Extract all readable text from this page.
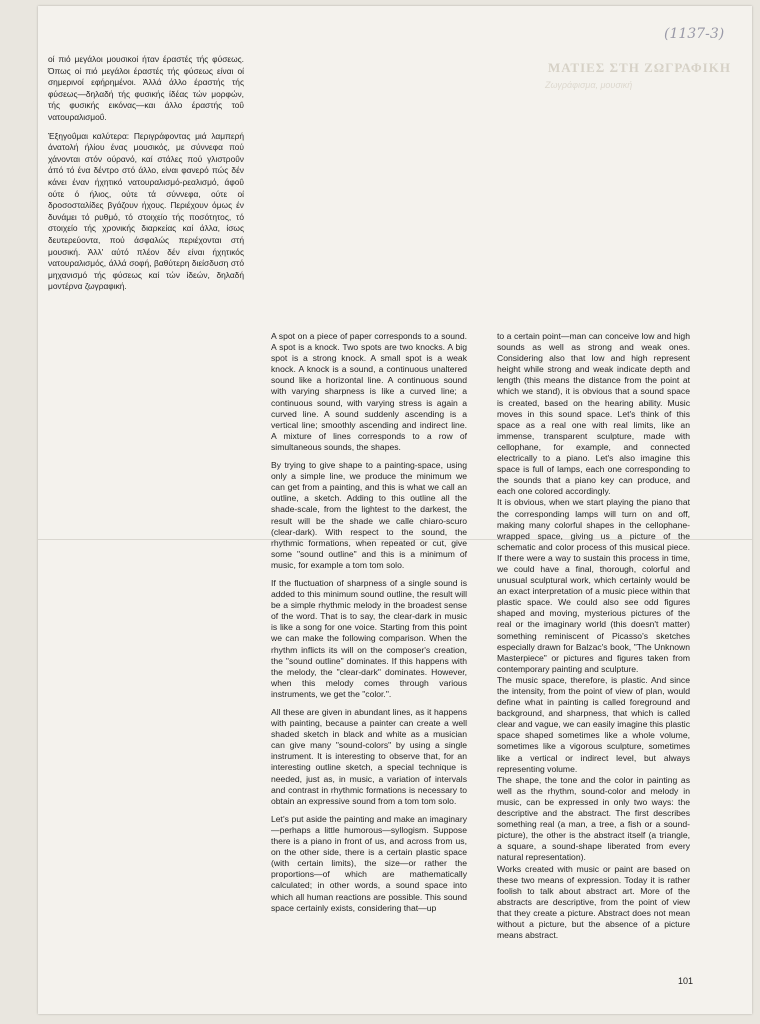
(1137-3)
ΜΑΤΙΕΣ ΣΤΗ ΖΩΓΡΑΦΙΚΗ
Ζωγράφισμα, μουσική

οί πιό μεγάλοι μουσικοί ήταν έραστές τής φύσεως. Όπως οί πιό μεγάλοι έραστές τής φύσεως είναι οί σημερινοί εφήρημένοι. Άλλά άλλο έραστής τής φύσεως—δηλαδή τής φυσικής ίδέας τών μορφών, τής φυσικής εικόνας—και άλλο έραστής τοΰ νατουραλισμοΰ.

Έξηγοΰμαι καλύτερα: Περιγράφοντας μιά λαμπερή άνατολή ήλίου ένας μουσικός, με σύννεφα πού χάνονται στόν ούρανό, καί στάλες πού γλιστροΰν άπό τό ένα δέντρο στό άλλο, είναι φανερό πώς δέν κάνει έναν ήχητικό νατουραλισμό-ρεαλισμό, άφοΰ ούτε ό ήλιος, ούτε τά σύννεφα, ούτε οί δροσοσταλίδες βγάζουν ήχους. Περιέχουν όμως έν δυνάμει τό ρυθμό, τό στοιχείο τής ποσότητος, τό στοιχείο τής χρονικής διαρκείας καί άλλα, ίσως δευτερεύοντα, πού άσφαλώς περιέχονται στή μουσική. Άλλ' αύτό πλέον δέν είναι ήχητικός νατουραλισμός, άλλά σοφή, βαθύτερη διείσδυση στό μηχανισμό τής φύσεως καί τών ίδεών, δηλαδή μοντέρνα ζωγραφική.

A spot on a piece of paper corresponds to a sound. A spot is a knock. Two spots are two knocks. A big spot is a strong knock. A small spot is a weak knock. A knock is a sound, a continuous unaltered sound like a horizontal line. A continuous sound with varying sharpness is like a curved line; a continuous sound, with varying stress is again a curved line. A sound suddenly ascending is a vertical line; smoothly ascending and indirect line. A mixture of lines corresponds to a row of simultaneous sounds, the shapes.

By trying to give shape to a painting-space, using only a simple line, we produce the minimum we can get from a painting, and this is what we call an outline, a sketch. Adding to this outline all the shade-scale, from the lightest to the darkest, the result will be the shade we calle chiaro-scuro (clear-dark). With respect to the sound, the rhythmic formations, when repeated or cut, give some "sound outline" and this is a minimum of music, for example a tom tom solo.

If the fluctuation of sharpness of a single sound is added to this minimum sound outline, the result will be a simple rhythmic melody in the broadest sense of the word. That is to say, the clear-dark in music is like a song for one voice. Starting from this point we can make the following comparison. When the rhythm inflicts its will on the composer's creation, the "sound outline" dominates. If this happens with the melody, the "clear-dark" dominates. However, when this melody comes through various instruments, we get the "color.".

All these are given in abundant lines, as it happens with painting, because a painter can create a well shaded sketch in black and white as a musician can give many "sound-colors" by using a single instrument. It is interesting to observe that, for an interesting outline sketch, a special technique is needed, just as, in music, a variation of intervals and contrast in rhythmic formations is necessary to obtain an expressive sound from a tom tom solo.

Let's put aside the painting and make an imaginary—perhaps a little humorous—syllogism. Suppose there is a piano in front of us, and across from us, on the other side, there is a certain plastic space (with certain limits), the size—or rather the proportions—of which are mathematically calculated; in other words, a sound space into which all human reactions are possible. This sound space certainly exists, considering that—up

to a certain point—man can conceive low and high sounds as well as strong and weak ones. Considering also that low and high represent height while strong and weak indicate depth and length (this means the distance from the point at which we stand), it is obvious that a sound space is created, based on the hearing ability. Music moves in this sound space. Let's think of this space as a real one with real limits, like an immense, transparent sculpture, made with cellophane, for example, and connected electrically to a piano. Let's also imagine this space is full of lamps, each one corresponding to the sounds that a piano key can produce, and each one colored accordingly.

It is obvious, when we start playing the piano that the corresponding lamps will turn on and off, making many colorful shapes in the cellophane-wrapped space, giving us a picture of the schematic and color process of this musical piece. If there were a way to sustain this process in time, we could have a final, thorough, colorful and unusual sculptural work, which certainly would be an exact interpretation of a music piece within that plastic space. We could also see odd figures shaped and moving, mysterious pictures of the real or the imaginary world (this doesn't matter) something reminiscent of Picasso's sketches especially drawn for Balzac's book, "The Unknown Masterpiece" or pictures and figures taken from contemporary painting and sculpture.

The music space, therefore, is plastic. And since the intensity, from the point of view of plan, would define what in painting is called foreground and background, and sharpness, that which is called clear and vague, we can easily imagine this plastic space shaped sometimes like a whole volume, sometimes like a vigorous sculpture, sometimes like a vertical or indirect level, but always representing volume.

The shape, the tone and the color in painting as well as the rhythm, sound-color and melody in music, can be expressed in only two ways: the descriptive and the abstract. The first describes something real (a man, a tree, a fish or a sound-picture), the other is the abstract itself (a triangle, a square, a sound-shape liberated from every natural representation).

Works created with music or paint are based on these two means of expression. Today it is rather foolish to talk about abstract art. More of the abstracts are descriptive, from the point of view that they create a picture. Abstract does not mean without a picture, but the absence of a picture means abstract.

101
